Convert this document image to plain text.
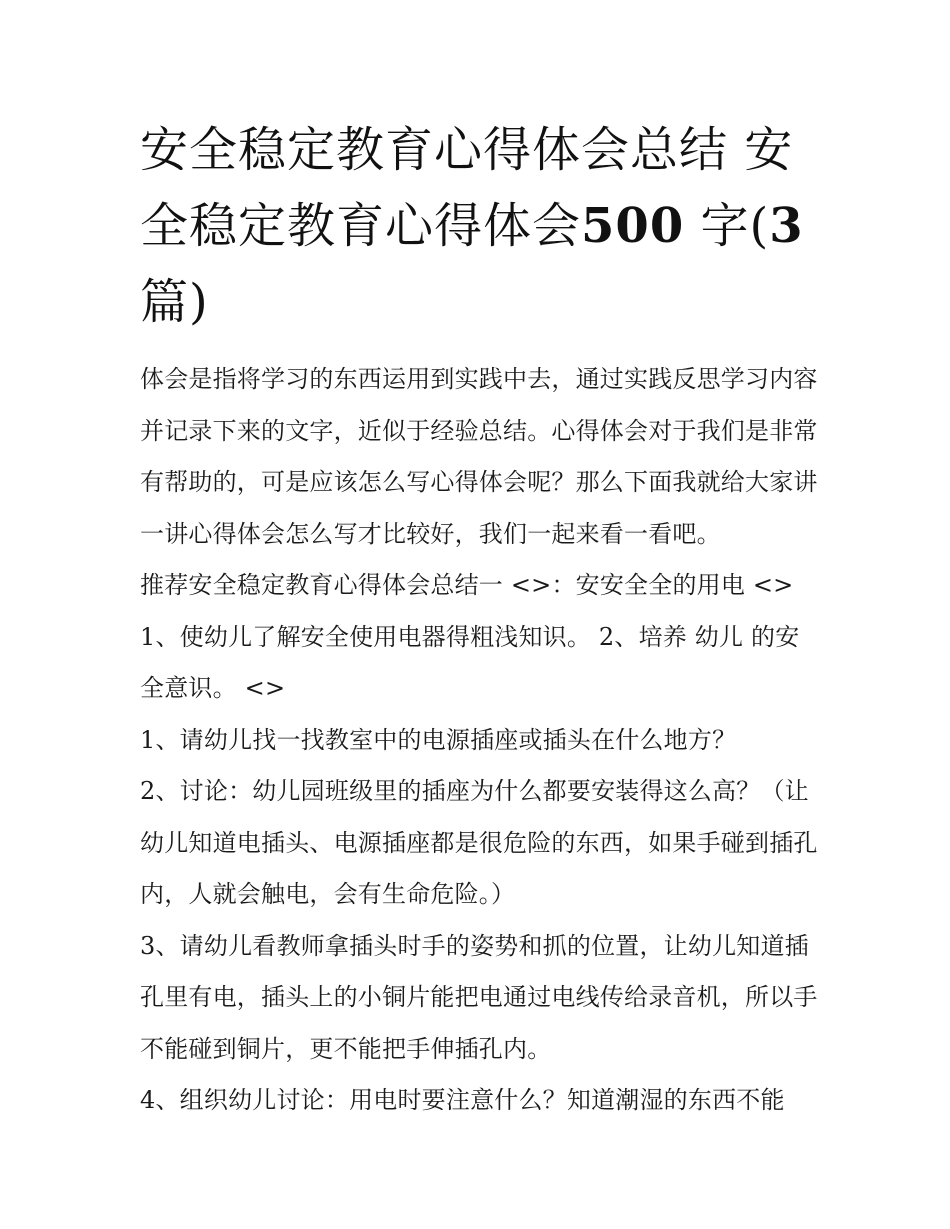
安全稳定教育心得体会总结 安
全稳定教育心得体会500 字(3
篇)

体会是指将学习的东西运用到实践中去，通过实践反思学习内容并记录下来的文字，近似于经验总结。心得体会对于我们是非常有帮助的，可是应该怎么写心得体会呢？那么下面我就给大家讲一讲心得体会怎么写才比较好，我们一起来看一看吧。

推荐安全稳定教育心得体会总结一 <>：安安全全的用电 <>

1、使幼儿了解安全使用电器得粗浅知识。 2、培养 幼儿 的安全意识。 <>

1、请幼儿找一找教室中的电源插座或插头在什么地方？

2、讨论：幼儿园班级里的插座为什么都要安装得这么高？（让幼儿知道电插头、电源插座都是很危险的东西，如果手碰到插孔内，人就会触电，会有生命危险。）

3、请幼儿看教师拿插头时手的姿势和抓的位置，让幼儿知道插孔里有电，插头上的小铜片能把电通过电线传给录音机，所以手不能碰到铜片，更不能把手伸插孔内。

4、组织幼儿讨论：用电时要注意什么？知道潮湿的东西不能
